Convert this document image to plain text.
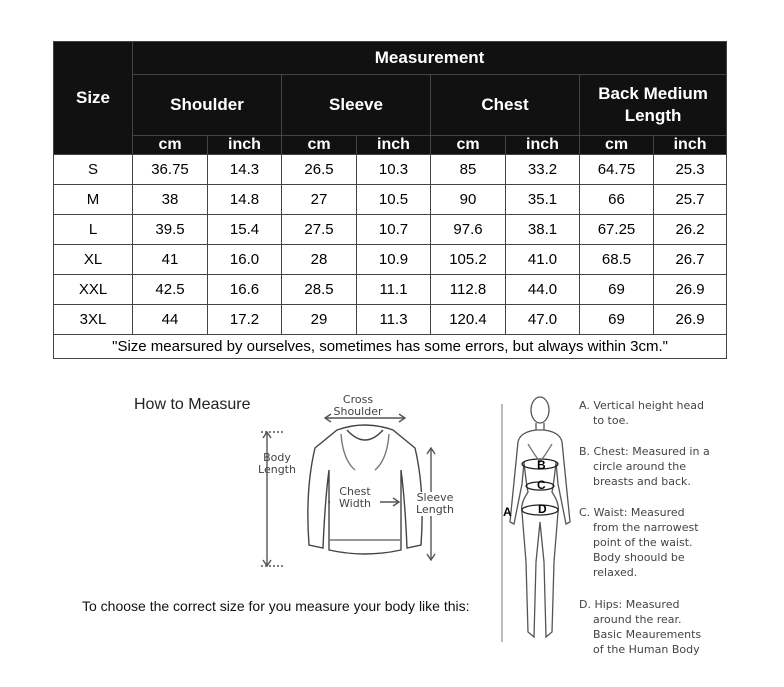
Size	Measurement							
	Shoulder		Sleeve		Chest		Back Medium Length	
	cm	inch	cm	inch	cm	inch	cm	inch
S	36.75	14.3	26.5	10.3	85	33.2	64.75	25.3
M	38	14.8	27	10.5	90	35.1	66	25.7
L	39.5	15.4	27.5	10.7	97.6	38.1	67.25	26.2
XL	41	16.0	28	10.9	105.2	41.0	68.5	26.7
XXL	42.5	16.6	28.5	11.1	112.8	44.0	69	26.9
3XL	44	17.2	29	11.3	120.4	47.0	69	26.9
"Size mearsured by ourselves, sometimes has some errors, but always within 3cm."								
How to Measure	Cross
Shoulder
Body
Length
Chest
Width	Sleeve
Length
To choose the correct size for you measure your body like this:
B
C
D
A
A. Vertical height head
to toe.
B. Chest: Measured in a
circle around the
breasts and back.
C. Waist: Measured
from the narrowest
point of the waist.
Body shoould be
relaxed.
D. Hips: Measured
around the rear.
Basic Meaurements
of the Human Body
